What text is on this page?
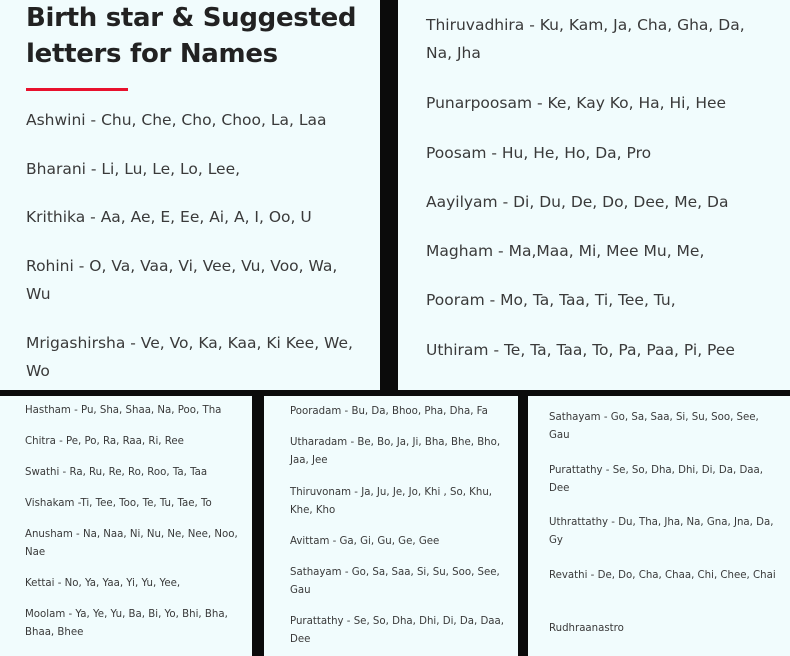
Birth star & Suggested letters for Names

Ashwini - Chu, Che, Cho, Choo, La, Laa

Bharani - Li, Lu, Le, Lo, Lee,

Krithika - Aa, Ae, E, Ee, Ai, A, I, Oo, U

Rohini - O, Va, Vaa, Vi, Vee, Vu, Voo, Wa, Wu

Mrigashirsha - Ve, Vo, Ka, Kaa, Ki Kee, We, Wo

Thiruvadhira - Ku, Kam, Ja, Cha, Gha, Da, Na, Jha

Punarpoosam - Ke, Kay Ko, Ha, Hi, Hee

Poosam - Hu, He, Ho, Da, Pro

Aayilyam - Di, Du, De, Do, Dee, Me, Da

Magham - Ma,Maa, Mi, Mee Mu, Me,

Pooram - Mo, Ta, Taa, Ti, Tee, Tu,

Uthiram - Te, Ta, Taa, To, Pa, Paa, Pi, Pee

Hastham - Pu, Sha, Shaa, Na, Poo, Tha

Chitra - Pe, Po, Ra, Raa, Ri, Ree

Swathi - Ra, Ru, Re, Ro, Roo, Ta, Taa

Vishakam -Ti, Tee, Too, Te, Tu, Tae, To

Anusham - Na, Naa, Ni, Nu, Ne, Nee, Noo, Nae

Kettai - No, Ya, Yaa, Yi, Yu, Yee,

Moolam - Ya, Ye, Yu, Ba, Bi, Yo, Bhi, Bha, Bhaa, Bhee

Pooradam - Bu, Da, Bhoo, Pha, Dha, Fa

Utharadam - Be, Bo, Ja, Ji, Bha, Bhe, Bho, Jaa, Jee

Thiruvonam - Ja, Ju, Je, Jo, Khi , So, Khu, Khe, Kho

Avittam - Ga, Gi, Gu, Ge, Gee

Sathayam - Go, Sa, Saa, Si, Su, Soo, See, Gau

Purattathy - Se, So, Dha, Dhi, Di, Da, Daa, Dee

Sathayam - Go, Sa, Saa, Si, Su, Soo, See, Gau

Purattathy - Se, So, Dha, Dhi, Di, Da, Daa, Dee

Uthrattathy - Du, Tha, Jha, Na, Gna, Jna, Da, Gy

Revathi - De, Do, Cha, Chaa, Chi, Chee, Chai

Rudhraanastro
